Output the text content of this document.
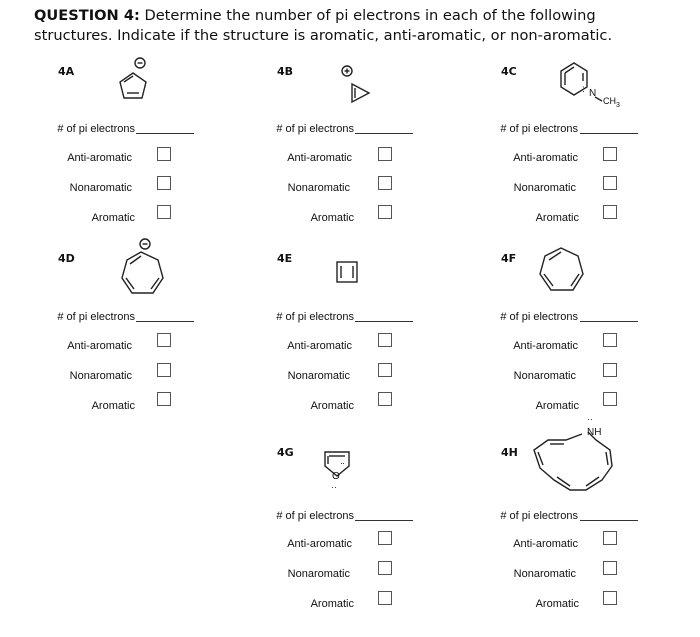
QUESTION 4: Determine the number of pi electrons in each of the following
structures. Indicate if the structure is aromatic, anti-aromatic, or non-aromatic.
4A
# of pi electrons
Anti-aromatic
Nonaromatic
Aromatic
4B
# of pi electrons
Anti-aromatic
Nonaromatic
Aromatic
4C
N
:
$CH_3$
# of pi electrons
Anti-aromatic
Nonaromatic
Aromatic
4D
# of pi electrons
Anti-aromatic
Nonaromatic
Aromatic
4E
# of pi electrons
Anti-aromatic
Nonaromatic
Aromatic
4F
# of pi electrons
Anti-aromatic
Nonaromatic
Aromatic
4G
O
··
··
# of pi electrons
Anti-aromatic
Nonaromatic
Aromatic
4H
NH
··
# of pi electrons
Anti-aromatic
Nonaromatic
Aromatic
